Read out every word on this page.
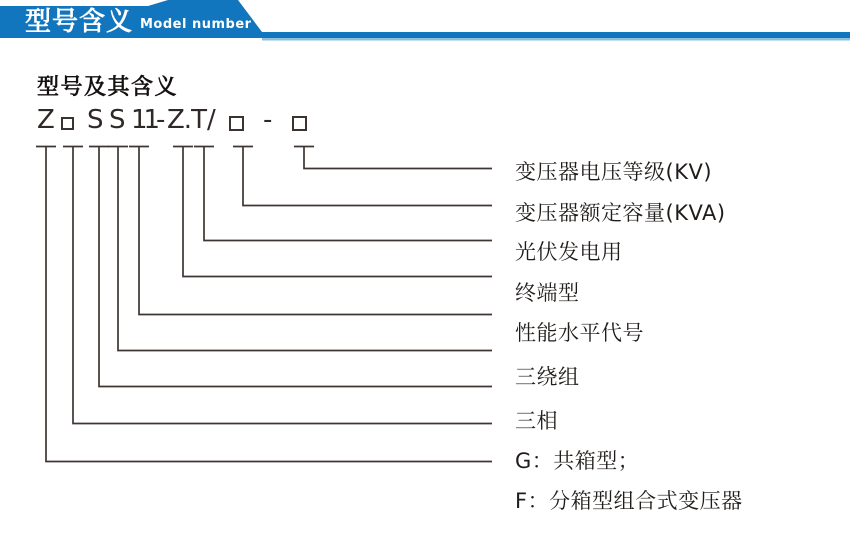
型号含义 Model number
型号及其含义
Z S S 11 - Z.T / -
变压器电压等级(KV)
变压器额定容量(KVA)
光伏发电用
终端型
性能水平代号
三绕组
三相
G：共箱型；
F：分箱型组合式变压器
